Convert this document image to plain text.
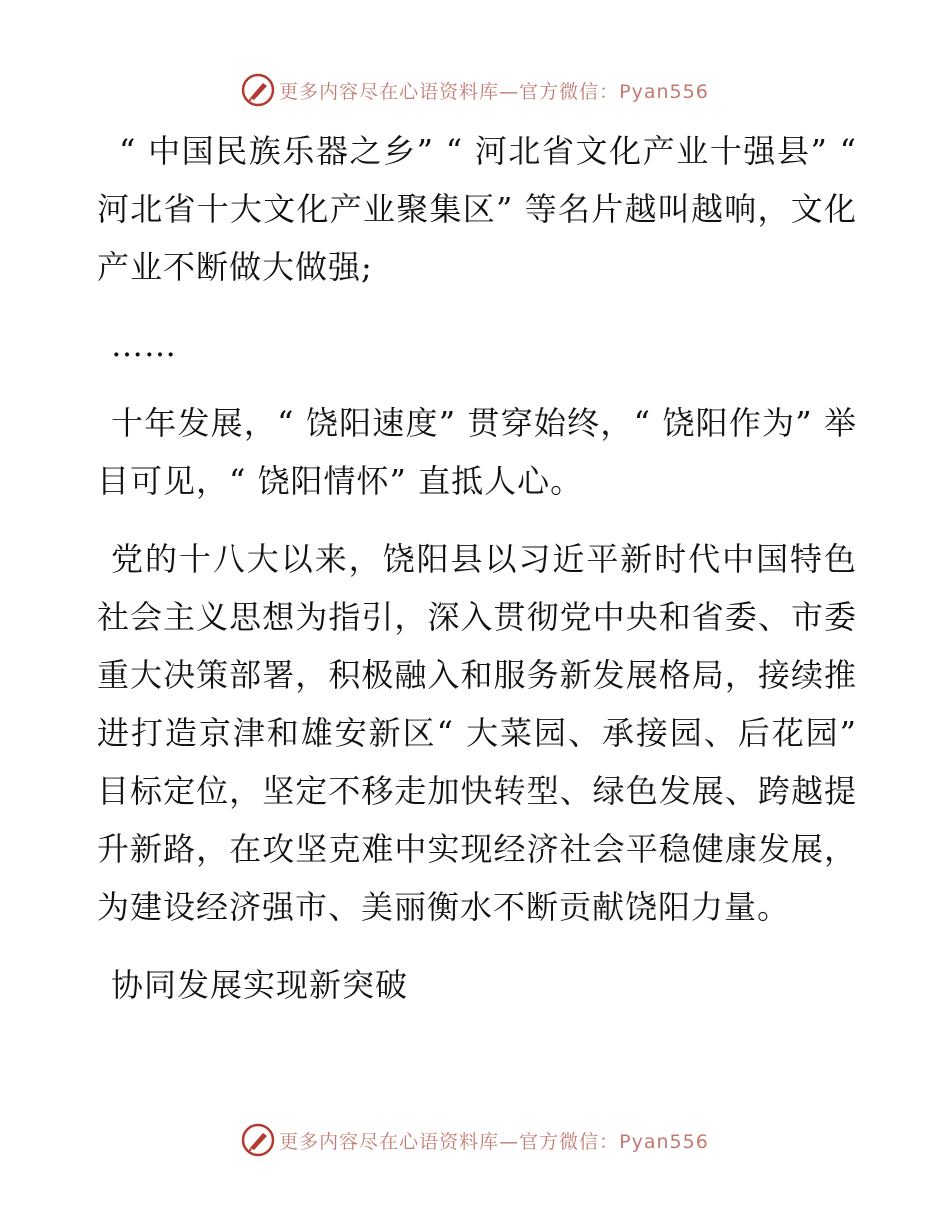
更多内容尽在心语资料库—官方微信：Pyan556

“ 中国民族乐器之乡” “ 河北省文化产业十强县” “ 河北省十大文化产业聚集区” 等名片越叫越响，文化产业不断做大做强;

……

十年发展，“ 饶阳速度” 贯穿始终，“ 饶阳作为” 举目可见，“ 饶阳情怀” 直抵人心。

党的十八大以来，饶阳县以习近平新时代中国特色社会主义思想为指引，深入贯彻党中央和省委、市委重大决策部署，积极融入和服务新发展格局，接续推进打造京津和雄安新区“ 大菜园、承接园、后花园” 目标定位，坚定不移走加快转型、绿色发展、跨越提升新路，在攻坚克难中实现经济社会平稳健康发展，为建设经济强市、美丽衡水不断贡献饶阳力量。

协同发展实现新突破

更多内容尽在心语资料库—官方微信：Pyan556
